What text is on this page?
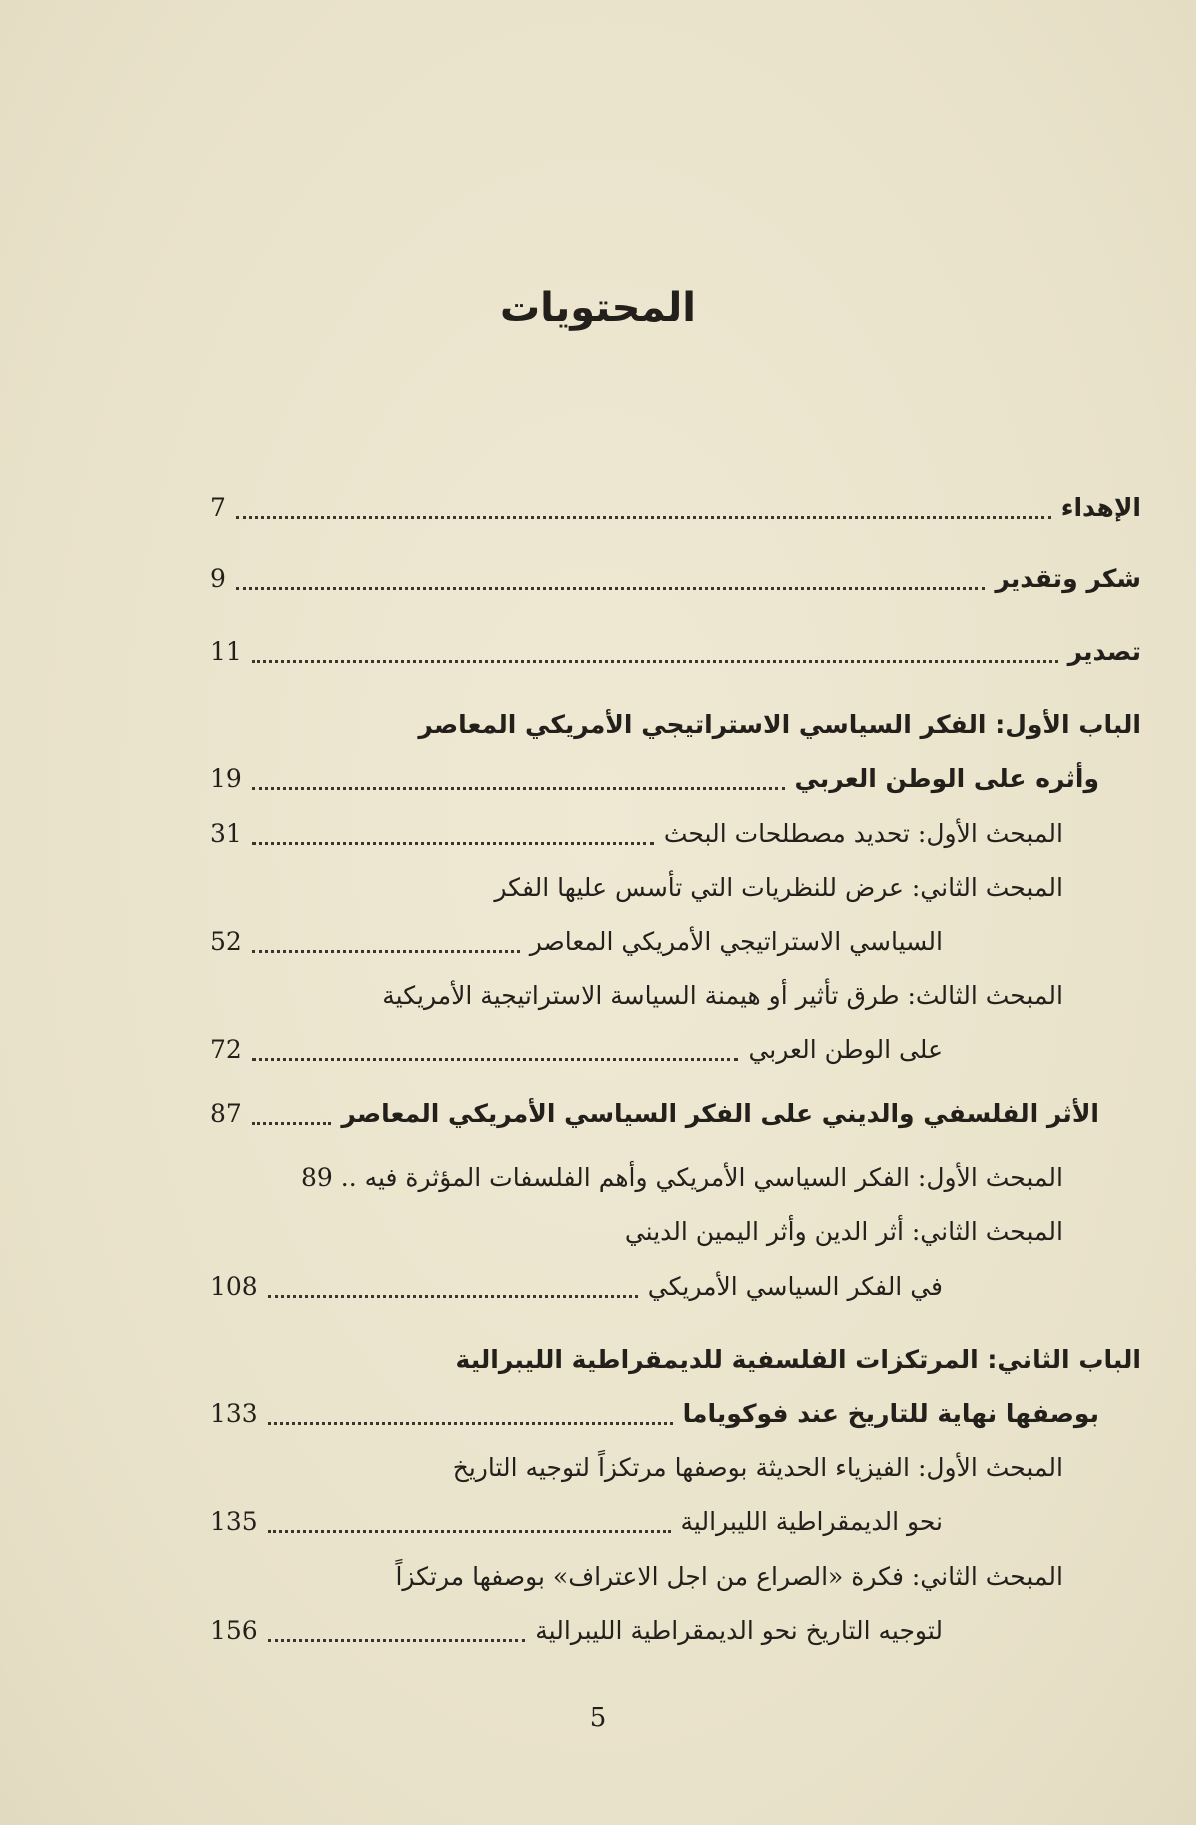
المحتويات
الإهداء
7
شكر وتقدير
9
تصدير
11
الباب الأول: الفكر السياسي الاستراتيجي الأمريكي المعاصر
وأثره على الوطن العربي
19
المبحث الأول: تحديد مصطلحات البحث
31
المبحث الثاني: عرض للنظريات التي تأسس عليها الفكر
السياسي الاستراتيجي الأمريكي المعاصر
52
المبحث الثالث: طرق تأثير أو هيمنة السياسة الاستراتيجية الأمريكية
على الوطن العربي
72
الأثر الفلسفي والديني على الفكر السياسي الأمريكي المعاصر
87
المبحث الأول: الفكر السياسي الأمريكي وأهم الفلسفات المؤثرة فيه ..
89
المبحث الثاني: أثر الدين وأثر اليمين الديني
في الفكر السياسي الأمريكي
108
الباب الثاني: المرتكزات الفلسفية للديمقراطية الليبرالية
بوصفها نهاية للتاريخ عند فوكوياما
133
المبحث الأول: الفيزياء الحديثة بوصفها مرتكزاً لتوجيه التاريخ
نحو الديمقراطية الليبرالية
135
المبحث الثاني: فكرة «الصراع من اجل الاعتراف» بوصفها مرتكزاً
لتوجيه التاريخ نحو الديمقراطية الليبرالية
156
5
